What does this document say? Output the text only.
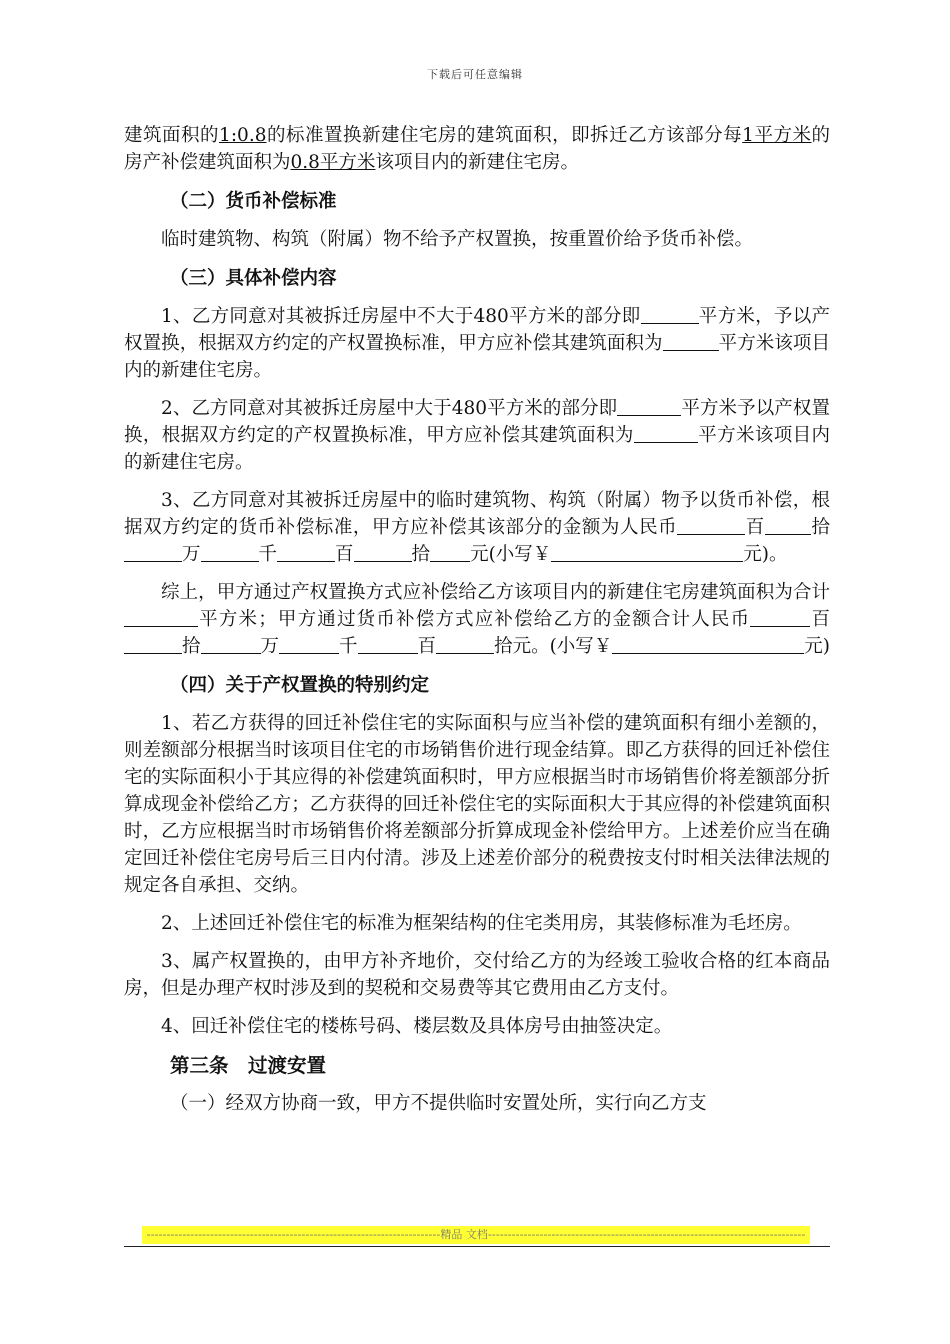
下载后可任意编辑

建筑面积的1:0.8的标准置换新建住宅房的建筑面积，即拆迁乙方该部分每1平方米的房产补偿建筑面积为0.8平方米该项目内的新建住宅房。

（二）货币补偿标准

临时建筑物、构筑（附属）物不给予产权置换，按重置价给予货币补偿。

（三）具体补偿内容

1、乙方同意对其被拆迁房屋中不大于480平方米的部分即	平方米，予以产权置换，根据双方约定的产权置换标准，甲方应补偿其建筑面积为	平方米该项目内的新建住宅房。

2、乙方同意对其被拆迁房屋中大于480平方米的部分即	平方米予以产权置换，根据双方约定的产权置换标准，甲方应补偿其建筑面积为	平方米该项目内的新建住宅房。

3、乙方同意对其被拆迁房屋中的临时建筑物、构筑（附属）物予以货币补偿，根据双方约定的货币补偿标准，甲方应补偿其该部分的金额为人民币	百 拾万	千	百	拾 元(小写￥	元)。

综上，甲方通过产权置换方式应补偿给乙方该项目内的新建住宅房建筑面积为合计平方米；甲方通过货币补偿方式应补偿给乙方的金额合计人民币	百拾	万	千	百	拾元。(小写￥	元)

（四）关于产权置换的特别约定

1、若乙方获得的回迁补偿住宅的实际面积与应当补偿的建筑面积有细小差额的，则差额部分根据当时该项目住宅的市场销售价进行现金结算。即乙方获得的回迁补偿住宅的实际面积小于其应得的补偿建筑面积时，甲方应根据当时市场销售价将差额部分折算成现金补偿给乙方；乙方获得的回迁补偿住宅的实际面积大于其应得的补偿建筑面积时，乙方应根据当时市场销售价将差额部分折算成现金补偿给甲方。上述差价应当在确定回迁补偿住宅房号后三日内付清。涉及上述差价部分的税费按支付时相关法律法规的规定各自承担、交纳。

2、上述回迁补偿住宅的标准为框架结构的住宅类用房，其装修标准为毛坯房。

3、属产权置换的，由甲方补齐地价，交付给乙方的为经竣工验收合格的红本商品房，但是办理产权时涉及到的契税和交易费等其它费用由乙方支付。

4、回迁补偿住宅的楼栋号码、楼层数及具体房号由抽签决定。

第三条　过渡安置

（一）经双方协商一致，甲方不提供临时安置处所，实行向乙方支

--------------------------------------------------------------------------精品 文档--------------------------------------------------------------------------------
